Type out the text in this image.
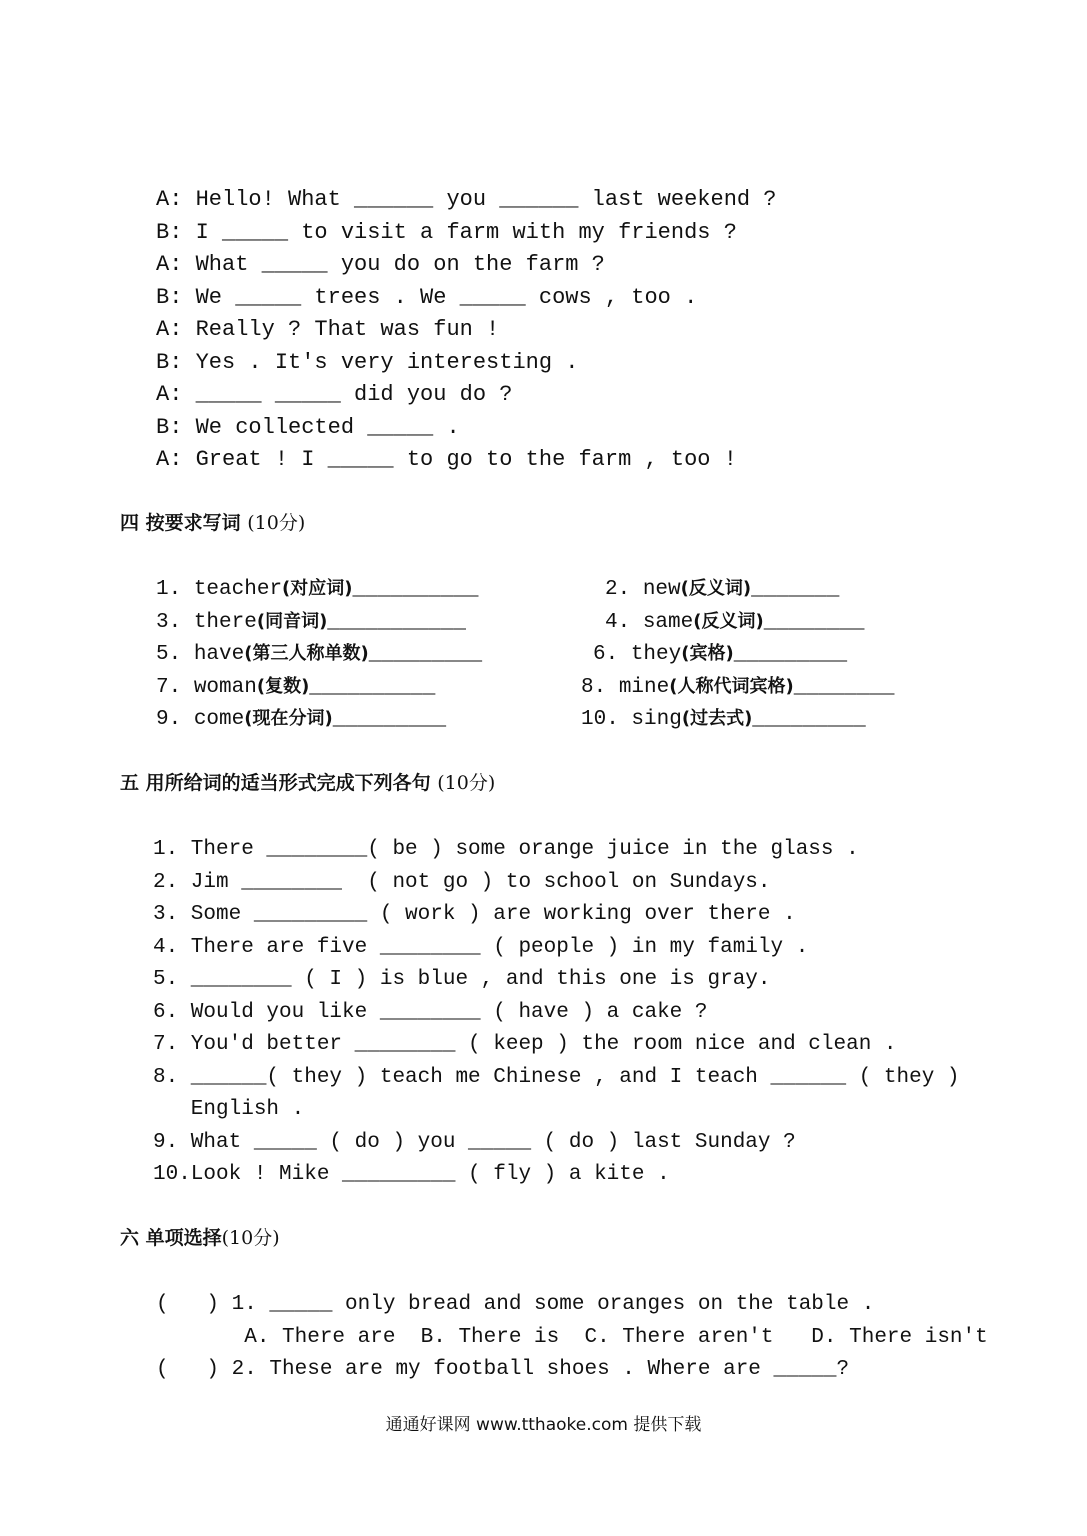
A: Hello! What ______ you ______ last weekend ?
B: I _____ to visit a farm with my friends ?
A: What _____ you do on the farm ?
B: We _____ trees . We _____ cows , too .
A: Really ? That was fun !
B: Yes . It's very interesting .
A: _____ _____ did you do ?
B: We collected _____ .
A: Great ! I _____ to go to the farm , too !
四 按要求写词 (10分)
1. teacher(对应词)__________	2. new(反义词)_______
3. there(同音词)___________	4. same(反义词)________
5. have(第三人称单数)_________	6. they(宾格)_________
7. woman(复数)__________	8. mine(人称代词宾格)________
9. come(现在分词)_________	10. sing(过去式)_________
五 用所给词的适当形式完成下列各句 (10分)
1. There ________( be ) some orange juice in the glass .
2. Jim ________  ( not go ) to school on Sundays.
3. Some _________ ( work ) are working over there .
4. There are five ________ ( people ) in my family .
5. ________ ( I ) is blue , and this one is gray.
6. Would you like ________ ( have ) a cake ?
7. You'd better ________ ( keep ) the room nice and clean .
8. ______( they ) teach me Chinese , and I teach ______ ( they )
English .
9. What _____ ( do ) you _____ ( do ) last Sunday ?
10.Look ! Mike _________ ( fly ) a kite .
六 单项选择(10分)
(   ) 1. _____ only bread and some oranges on the table .
A. There are  B. There is  C. There aren't   D. There isn't
(   ) 2. These are my football shoes . Where are _____?
通通好课网 www.tthaoke.com 提供下载
